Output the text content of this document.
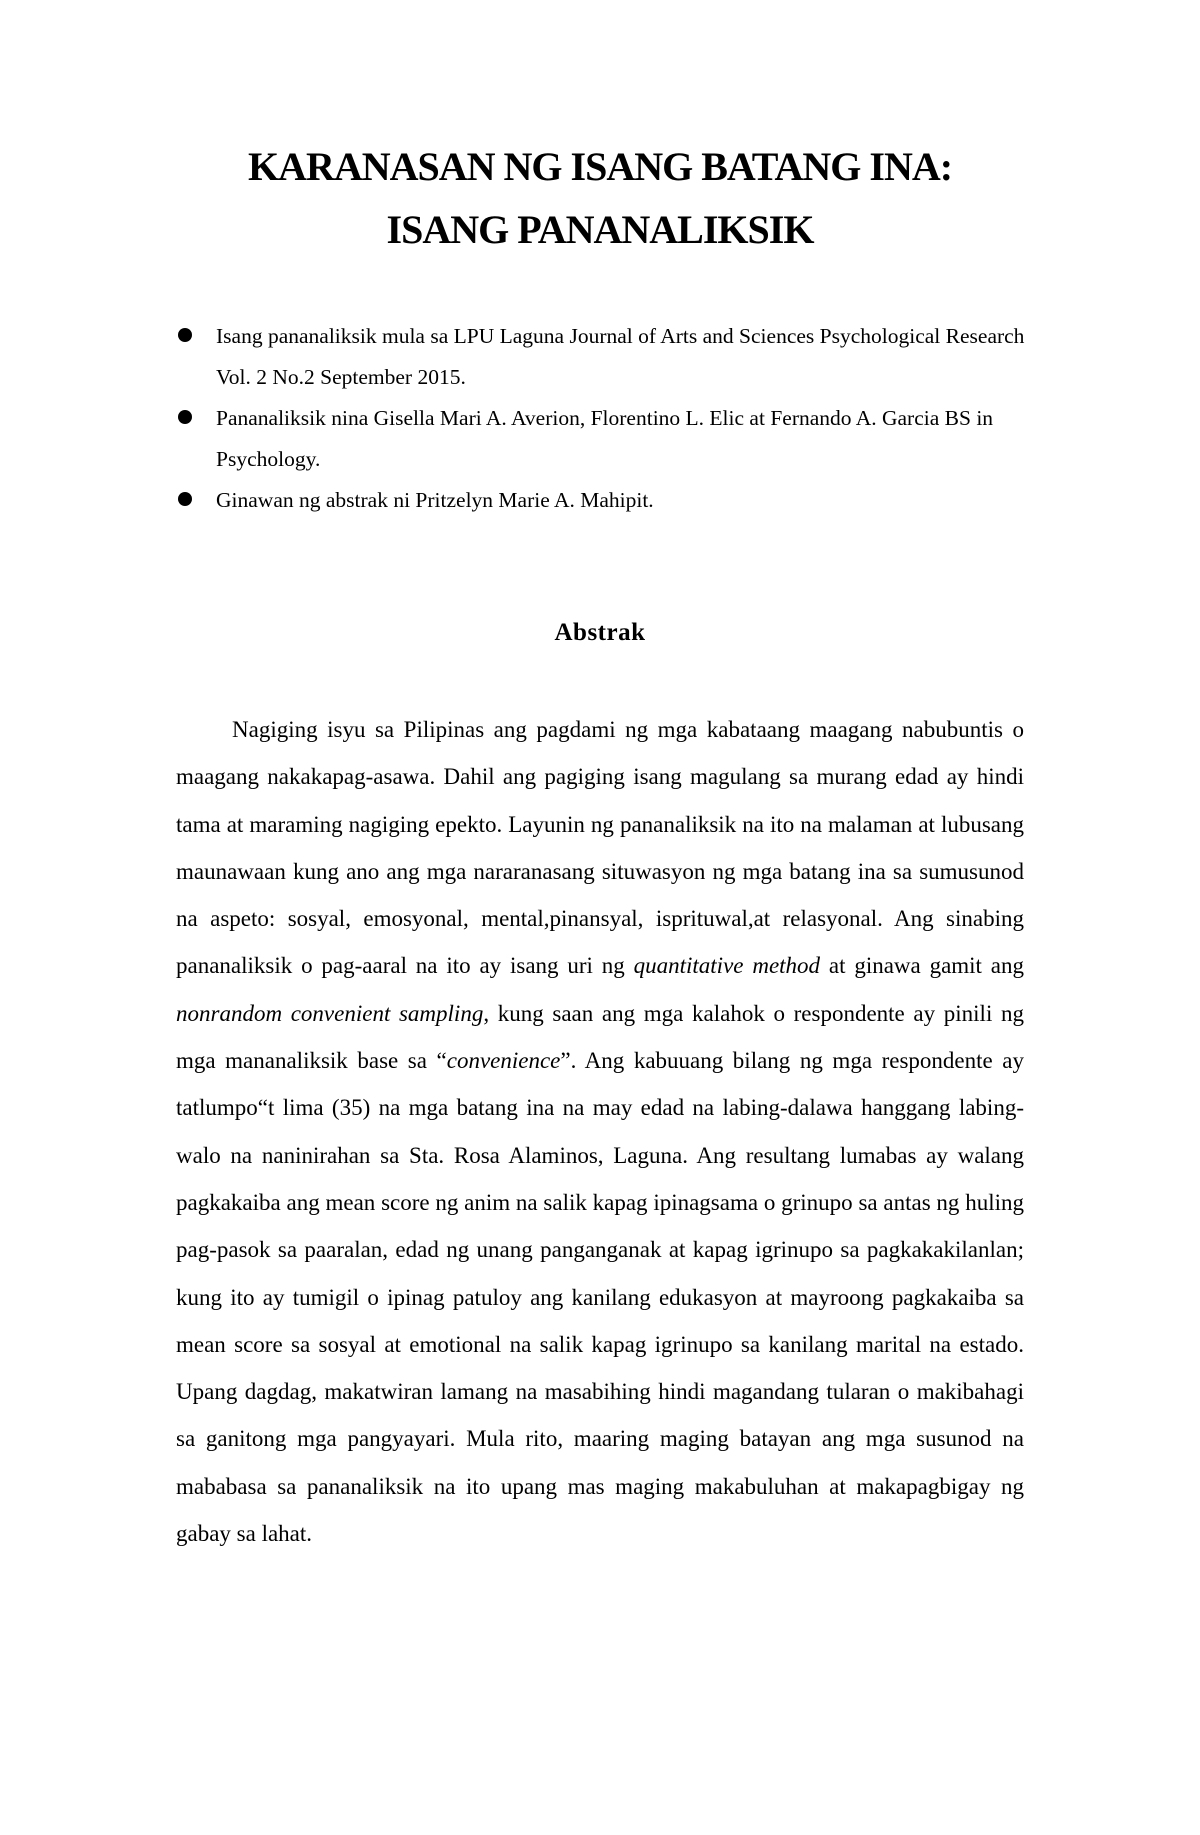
KARANASAN NG ISANG BATANG INA:
ISANG PANANALIKSIK
Isang pananaliksik mula sa LPU Laguna Journal of Arts and Sciences Psychological Research Vol. 2 No.2 September 2015.
Pananaliksik nina Gisella Mari A. Averion, Florentino L. Elic at Fernando A. Garcia BS in Psychology.
Ginawan ng abstrak ni Pritzelyn Marie A. Mahipit.
Abstrak

Nagiging isyu sa Pilipinas ang pagdami ng mga kabataang maagang nabubuntis o maagang nakakapag-asawa. Dahil ang pagiging isang magulang sa murang edad ay hindi tama at maraming nagiging epekto. Layunin ng pananaliksik na ito na malaman at lubusang maunawaan kung ano ang mga nararanasang situwasyon ng mga batang ina sa sumusunod na aspeto: sosyal, emosyonal, mental,pinansyal, isprituwal,at relasyonal. Ang sinabing pananaliksik o pag-aaral na ito ay isang uri ng quantitative method at ginawa gamit ang nonrandom convenient sampling, kung saan ang mga kalahok o respondente ay pinili ng mga mananaliksik base sa “convenience”. Ang kabuuang bilang ng mga respondente ay tatlumpo“t lima (35) na mga batang ina na may edad na labing-dalawa hanggang labing-walo na naninirahan sa Sta. Rosa Alaminos, Laguna. Ang resultang lumabas ay walang pagkakaiba ang mean score ng anim na salik kapag ipinagsama o grinupo sa antas ng huling pag-pasok sa paaralan, edad ng unang panganganak at kapag igrinupo sa pagkakakilanlan; kung ito ay tumigil o ipinag patuloy ang kanilang edukasyon at mayroong pagkakaiba sa mean score sa sosyal at emotional na salik kapag igrinupo sa kanilang marital na estado. Upang dagdag, makatwiran lamang na masabihing hindi magandang tularan o makibahagi sa ganitong mga pangyayari. Mula rito, maaring maging batayan ang mga susunod na mababasa sa pananaliksik na ito upang mas maging makabuluhan at makapagbigay ng gabay sa lahat.
